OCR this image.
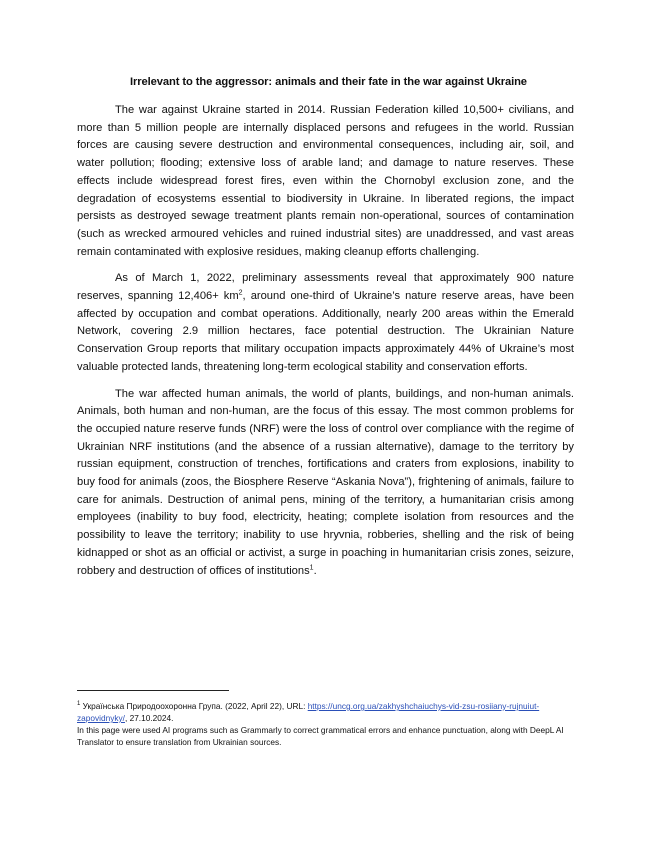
Irrelevant to the aggressor: animals and their fate in the war against Ukraine

The war against Ukraine started in 2014. Russian Federation killed 10,500+ civilians, and more than 5 million people are internally displaced persons and refugees in the world. Russian forces are causing severe destruction and environmental consequences, including air, soil, and water pollution; flooding; extensive loss of arable land; and damage to nature reserves. These effects include widespread forest fires, even within the Chornobyl exclusion zone, and the degradation of ecosystems essential to biodiversity in Ukraine. In liberated regions, the impact persists as destroyed sewage treatment plants remain non-operational, sources of contamination (such as wrecked armoured vehicles and ruined industrial sites) are unaddressed, and vast areas remain contaminated with explosive residues, making cleanup efforts challenging.

As of March 1, 2022, preliminary assessments reveal that approximately 900 nature reserves, spanning $12,406+ km^2$, around one-third of Ukraine’s nature reserve areas, have been affected by occupation and combat operations. Additionally, nearly 200 areas within the Emerald Network, covering 2.9 million hectares, face potential destruction. The Ukrainian Nature Conservation Group reports that military occupation impacts approximately 44% of Ukraine’s most valuable protected lands, threatening long-term ecological stability and conservation efforts.

The war affected human animals, the world of plants, buildings, and non-human animals. Animals, both human and non-human, are the focus of this essay. The most common problems for the occupied nature reserve funds (NRF) were the loss of control over compliance with the regime of Ukrainian NRF institutions (and the absence of a russian alternative), damage to the territory by russian equipment, construction of trenches, fortifications and craters from explosions, inability to buy food for animals (zoos, the Biosphere Reserve “Askania Nova”), frightening of animals, failure to care for animals. Destruction of animal pens, mining of the territory, a humanitarian crisis among employees (inability to buy food, electricity, heating; complete isolation from resources and the possibility to leave the territory; inability to use hryvnia, robberies, shelling and the risk of being kidnapped or shot as an official or activist, a surge in poaching in humanitarian crisis zones, seizure, robbery and destruction of offices of institutions$^1$.

$^1$ Українська Природоохоронна Група. (2022, April 22), URL: https://uncg.org.ua/zakhyshchaiuchys-vid-zsu-rosiiany-rujnuiut-zapovidnyky/, 27.10.2024.

In this page were used AI programs such as Grammarly to correct grammatical errors and enhance punctuation, along with DeepL AI Translator to ensure translation from Ukrainian sources.
